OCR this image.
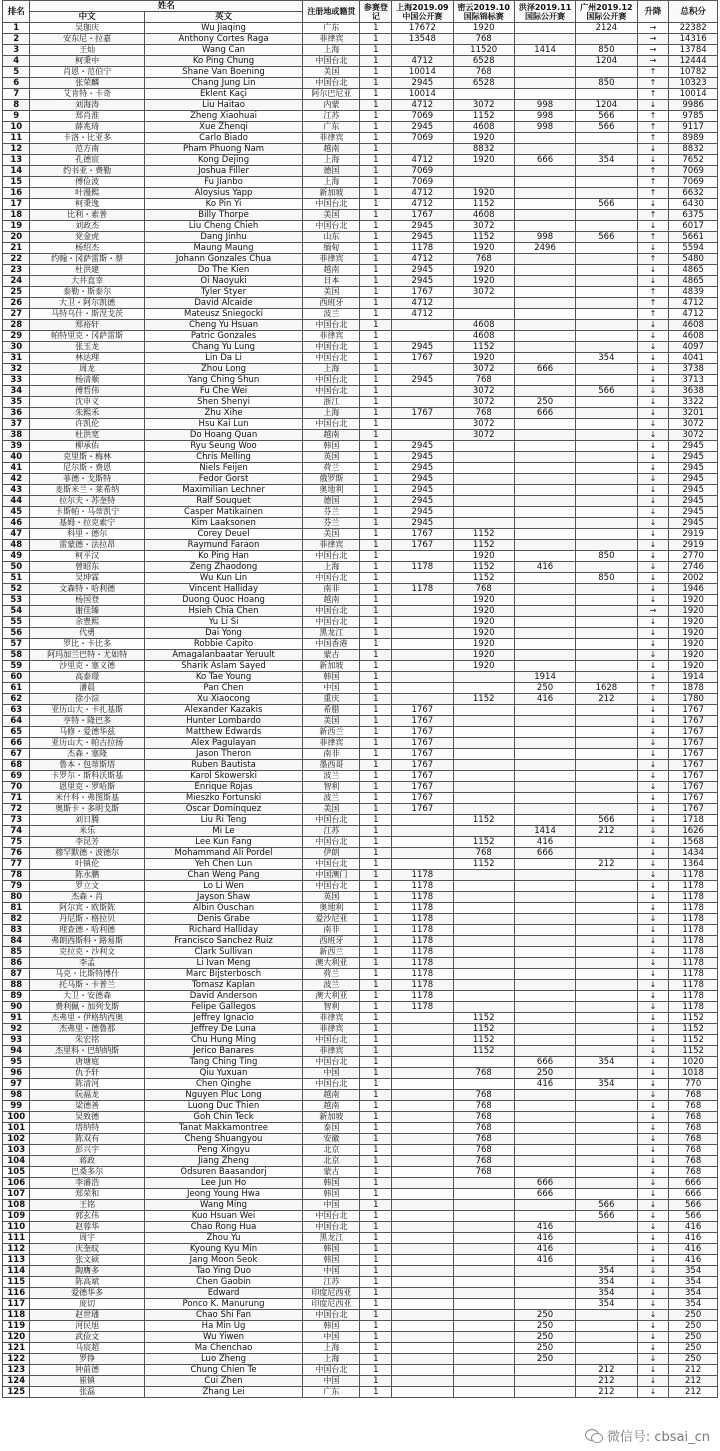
排名	姓名		注册地或籍贯	参赛登记	上海2019.09中国公开赛	密云2019.10国际锦标赛	洪泽2019.11国际公开赛	广州2019.12国际公开赛	升降	总积分
	中文	英文								
1	吴珈庆	Wu Jiaqing	广东	1	17672	1920		2124	→	22382
2	安东尼・拉嘉	Anthony Cortes Raga	菲律宾	1	13548	768			→	14316
3	王灿	Wang Can	上海	1		11520	1414	850	→	13784
4	柯秉中	Ko Ping Chung	中国台北	1	4712	6528		1204	→	12444
5	肖恩・范伯宁	Shane Van Boening	美国	1	10014	768			↑	10782
6	张荣麟	Chang Jung Lin	中国台北	1	2945	6528		850	↑	10323
7	艾肯特・卡奇	Eklent Kaçi	阿尔巴尼亚	1	10014				↑	10014
8	刘海涛	Liu Haitao	内蒙	1	4712	3072	998	1204	↓	9986
9	郑肖淮	Zheng Xiaohuai	江苏	1	7069	1152	998	566	↑	9785
10	薛兆琦	Xue Zhenqi	广东	1	2945	4608	998	566	↑	9117
11	卡洛・比亚多	Carlo Biado	菲律宾	1	7069	1920			↑	8989
12	范方南	Pham Phuong Nam	越南	1		8832			↓	8832
13	孔德宸	Kong Dejing	上海	1	4712	1920	666	354	↓	7652
14	约书亚・费勒	Joshua Filler	德国	1	7069				↑	7069
15	傅俭波	Fu Jianbo	上海	1	7069				↑	7069
16	叶漫熙	Aloysius Yapp	新加坡	1	4712	1920			↑	6632
17	柯秉逸	Ko Pin Yi	中国台北	1	4712	1152		566	↓	6430
18	比利・索普	Billy Thorpe	美国	1	1767	4608			↑	6375
19	刘政杰	Liu Cheng Chieh	中国台北	1	2945	3072			↓	6017
20	党金虎	Dang Jinhu	山东	1	2945	1152	998	566	↑	5661
21	杨绍杰	Maung Maung	缅甸	1	1178	1920	2496		↓	5594
22	约翰・冈萨雷斯・蔡	Johann Gonzales Chua	菲律宾	1	4712	768			↑	5480
23	杜洪建	Do The Kien	越南	1	2945	1920			↓	4865
24	大井直幸	Oi Naoyuki	日本	1	2945	1920			↓	4865
25	泰勒・斯泰尔	Tyler Styer	美国	1	1767	3072			↑	4839
26	大卫・阿尔凯德	David Alcaide	西班牙	1	4712				↑	4712
27	马特乌什・斯涅戈茨	Mateusz Sniegocki	波兰	1	4712				↑	4712
28	郑裕轩	Cheng Yu Hsuan	中国台北	1		4608			↓	4608
29	帕特里克・冈萨雷斯	Patric Gonzales	菲律宾	1		4608			↓	4608
30	张玉龙	Chang Yu Lung	中国台北	1	2945	1152			↓	4097
31	林达理	Lin Da Li	中国台北	1	1767	1920		354	↓	4041
32	周龙	Zhou Long	上海	1		3072	666		↓	3738
33	杨清顺	Yang Ching Shun	中国台北	1	2945	768			↓	3713
34	傅哲伟	Fu Che Wei	中国台北	1		3072		566	↓	3638
35	沈申义	Shen Shenyi	浙江	1		3072	250		↓	3322
36	朱熙禾	Zhu Xihe	上海	1	1767	768	666		↓	3201
37	许凯伦	Hsu Kai Lun	中国台北	1		3072			↓	3072
38	杜洪宽	Do Hoang Quan	越南	1		3072			↓	3072
39	柳承佑	Ryu Seung Woo	韩国	1	2945				↓	2945
40	克里斯・梅林	Chris Melling	英国	1	2945				↓	2945
41	尼尔斯・费恩	Niels Feijen	荷兰	1	2945				↓	2945
42	菲德・戈斯特	Fedor Gorst	俄罗斯	1	2945				↓	2945
43	麦斯米兰・莱希纳	Maximilian Lechner	奥地利	1	2945				↓	2945
44	拉尔夫・苏奎特	Ralf Souquet	德国	1	2945				↓	2945
45	卡斯帕・马蒂凯宁	Casper Matikainen	芬兰	1	2945				↓	2945
46	基姆・拉克索宁	Kim Laaksonen	芬兰	1	2945				↓	2945
47	科里・德尔	Corey Deuel	美国	1	1767	1152			↓	2919
48	雷蒙德・法拉昂	Raymund Faraon	菲律宾	1	1767	1152			↓	2919
49	柯平汉	Ko Ping Han	中国台北	1		1920		850	↓	2770
50	曾昭东	Zeng Zhaodong	上海	1	1178	1152	416		↓	2746
51	吴坤霖	Wu Kun Lin	中国台北	1		1152		850	↓	2002
52	文森特・哈利德	Vincent Halliday	南非	1	1178	768			↓	1946
53	杨国登	Duong Quoc Hoang	越南	1		1920			↓	1920
54	谢佳臻	Hsieh Chia Chen	中国台北	1		1920			→	1920
55	余豊熙	Yu Li Si	中国台北	1		1920			↓	1920
56	代勇	Dai Yong	黑龙江	1		1920			↓	1920
57	罗比・卡比多	Robbie Capito	中国香港	1		1920			↓	1920
58	阿玛加兰巴特・尤如特	Amagalanbaatar Yeruult	蒙古	1		1920			↓	1920
59	沙里克・塞义德	Sharik Aslam Sayed	新加坡	1		1920			↓	1920
60	高泰璟	Ko Tae Young	韩国	1			1914		↓	1914
61	潘晨	Pan Chen	中国	1			250	1628	↑	1878
62	徐小淙	Xu Xiaocong	重庆	1		1152	416	212	↓	1780
63	亚历山大・卡扎基斯	Alexander Kazakis	希腊	1	1767				↓	1767
64	亨特・隆巴多	Hunter Lombardo	美国	1	1767				↓	1767
65	马修・爱德华兹	Matthew Edwards	新西兰	1	1767				↓	1767
66	亚历山大・帕古拉扬	Alex Pagulayan	菲律宾	1	1767				↓	1767
67	杰森・塞隆	Jason Theron	南非	1	1767				↓	1767
68	鲁本・包蒂斯塔	Ruben Bautista	墨西哥	1	1767				↓	1767
69	卡罗尔・斯科沃斯基	Karol Skowerski	波兰	1	1767				↓	1767
70	恩里克・罗哈斯	Enrique Rojas	智利	1	1767				↓	1767
71	米什科・弗图斯基	Mieszko Fortunski	波兰	1	1767				↓	1767
72	奥斯卡・多明戈斯	Oscar Dominquez	美国	1	1767				↓	1767
73	刘日腾	Liu Ri Teng	中国台北	1		1152		566	↓	1718
74	米乐	Mi Le	江苏	1			1414	212	↓	1626
75	李昆芳	Lee Kun Fang	中国台北	1		1152	416		↓	1568
76	穆罕默德・波德尔	Mohammand Ali Pordel	伊朗	1		768	666		↓	1434
77	叶镇伦	Yeh Chen Lun	中国台北	1		1152		212	↓	1364
78	陈永鹏	Chan Weng Pang	中国澳门	1	1178				↓	1178
79	罗立文	Lo Li Wen	中国台北	1	1178				↓	1178
80	杰森・肖	Jayson Shaw	英国	1	1178				↓	1178
81	阿尔宾・欧斯陈	Albin Ouschan	奥地利	1	1178				↓	1178
82	丹尼斯・格拉贝	Denis Grabe	爱沙尼亚	1	1178				↓	1178
83	理查德・哈利德	Richard Halliday	南非	1	1178				↓	1178
84	弗朗西斯科・路易斯	Francisco Sanchez Ruiz	西班牙	1	1178				↓	1178
85	克拉克・沙利文	Clark Sullivan	新西兰	1	1178				↓	1178
86	李孟	Li Ivan Meng	澳大利亚	1	1178				↓	1178
87	马克・比斯特博什	Marc Bijsterbosch	荷兰	1	1178				↓	1178
88	托马斯・卡普兰	Tomasz Kaplan	波兰	1	1178				↓	1178
89	大卫・安德森	David Anderson	澳大利亚	1	1178				↓	1178
90	费利佩・加列戈斯	Felipe Gallegos	智利	1	1178				↓	1178
91	杰弗里・伊格纳西奥	Jeffrey Ignacio	菲律宾	1		1152			↓	1152
92	杰弗里・德鲁那	Jeffrey De Luna	菲律宾	1		1152			↓	1152
93	朱宏铭	Chu Hung Ming	中国台北	1		1152			↓	1152
94	杰里科・巴纳纳斯	Jerico Banares	菲律宾	1		1152			↓	1152
95	唐塘庭	Tang Ching Ting	中国台北	1			666	354	↓	1020
96	仇予轩	Qiu Yuxuan	中国	1		768	250		↓	1018
97	陈清河	Chen Qinghe	中国台北	1			416	354	↓	770
98	阮福龙	Nguyen Pluc Long	越南	1		768			↓	768
99	梁德善	Luong Duc Thien	越南	1		768			↓	768
100	吴致德	Goh Chin Teck	新加坡	1		768			↓	768
101	塔纳特	Tanat Makkamontree	泰国	1		768			↓	768
102	陈双有	Cheng Shuangyou	安徽	1		768			↓	768
103	彭兴宇	Peng Xingyu	北京	1		768			↓	768
104	蒋政	Jiang Zheng	北京	1		768			↓	768
105	巴桑多尔	Odsuren Baasandorj	蒙古	1		768			↓	768
106	李濬浩	Lee Jun Ho	韩国	1			666		↓	666
107	郑荣和	Jeong Young Hwa	韩国	1			666		↓	666
108	王铭	Wang Ming	中国	1				566	↓	566
109	郭玄伟	Kuo Hsuan Wei	中国台北	1				566	↓	566
110	赵蓉华	Chao Rong Hua	中国台北	1			416		↓	416
111	周宇	Zhou Yu	黑龙江	1			416		↓	416
112	庆奎旼	Kyoung Kyu Min	韩国	1			416		↓	416
113	张文硕	Jang Moon Seok	韩国	1			416		↓	416
114	陶膺多	Tao Ying Duo	中国	1				354	↓	354
115	陈高斌	Chen Gaobin	江苏	1				354	↓	354
116	爱德华多	Edward	印度尼西亚	1				354	↓	354
117	庞切	Ponco K. Manurung	印度尼西亚	1				354	↓	354
118	赵世璠	Chao Shi Fan	中国台北	1			250		↓	250
119	河民旭	Ha Min Ug	韩国	1			250		↓	250
120	武俭文	Wu Yiwen	中国	1			250		↓	250
121	马宸超	Ma Chenchao	上海	1			250		↓	250
122	罗铮	Luo Zheng	上海	1			250		↓	250
123	钟前德	Chung Chien Te	中国台北	1				212	↓	212
124	崔镇	Cui Zhen	中国	1				212	↓	212
125	张磊	Zhang Lei	广东	1				212	↓	212
微信号: cbsai_cn
